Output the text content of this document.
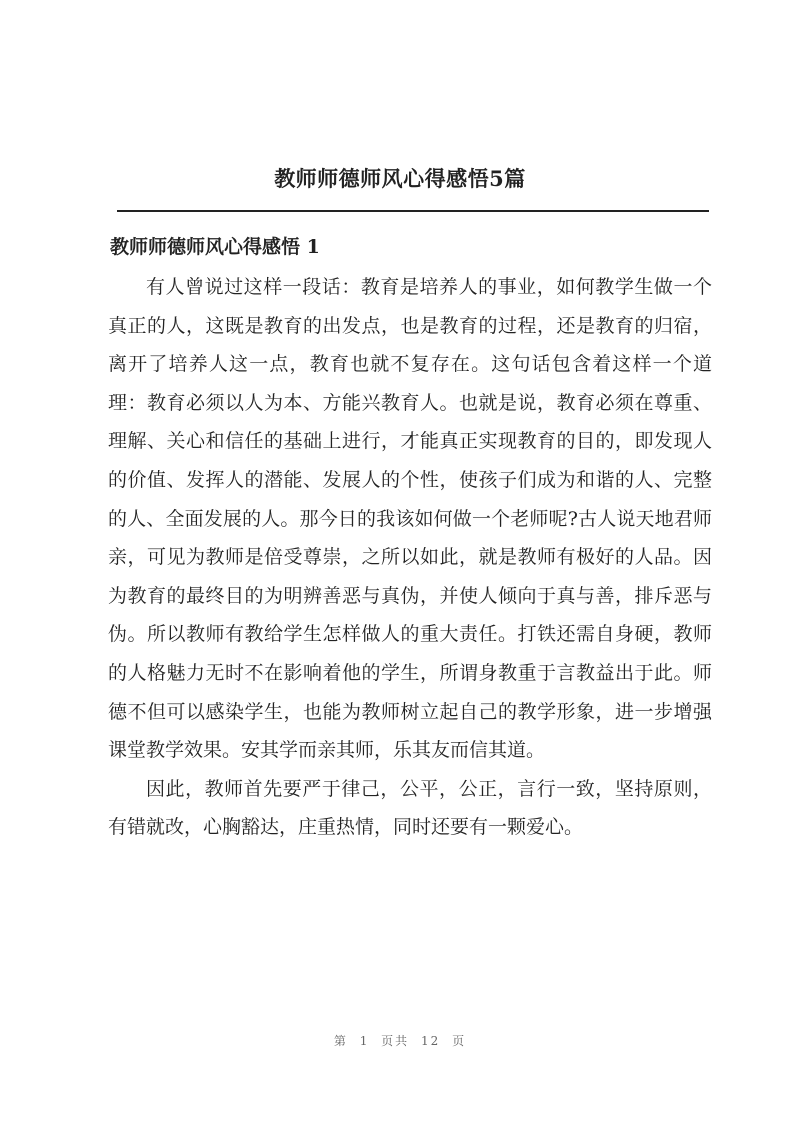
教师师德师风心得感悟5篇
教师师德师风心得感悟 1

有人曾说过这样一段话：教育是培养人的事业，如何教学生做一个真正的人，这既是教育的出发点，也是教育的过程，还是教育的归宿，离开了培养人这一点，教育也就不复存在。这句话包含着这样一个道理：教育必须以人为本、方能兴教育人。也就是说，教育必须在尊重、理解、关心和信任的基础上进行，才能真正实现教育的目的，即发现人的价值、发挥人的潜能、发展人的个性，使孩子们成为和谐的人、完整的人、全面发展的人。那今日的我该如何做一个老师呢?古人说天地君师亲，可见为教师是倍受尊崇，之所以如此，就是教师有极好的人品。因为教育的最终目的为明辨善恶与真伪，并使人倾向于真与善，排斥恶与伪。所以教师有教给学生怎样做人的重大责任。打铁还需自身硬，教师的人格魅力无时不在影响着他的学生，所谓身教重于言教益出于此。师德不但可以感染学生，也能为教师树立起自己的教学形象，进一步增强课堂教学效果。安其学而亲其师，乐其友而信其道。

因此，教师首先要严于律己，公平，公正，言行一致，坚持原则，有错就改，心胸豁达，庄重热情，同时还要有一颗爱心。

第 1 页共 12 页
